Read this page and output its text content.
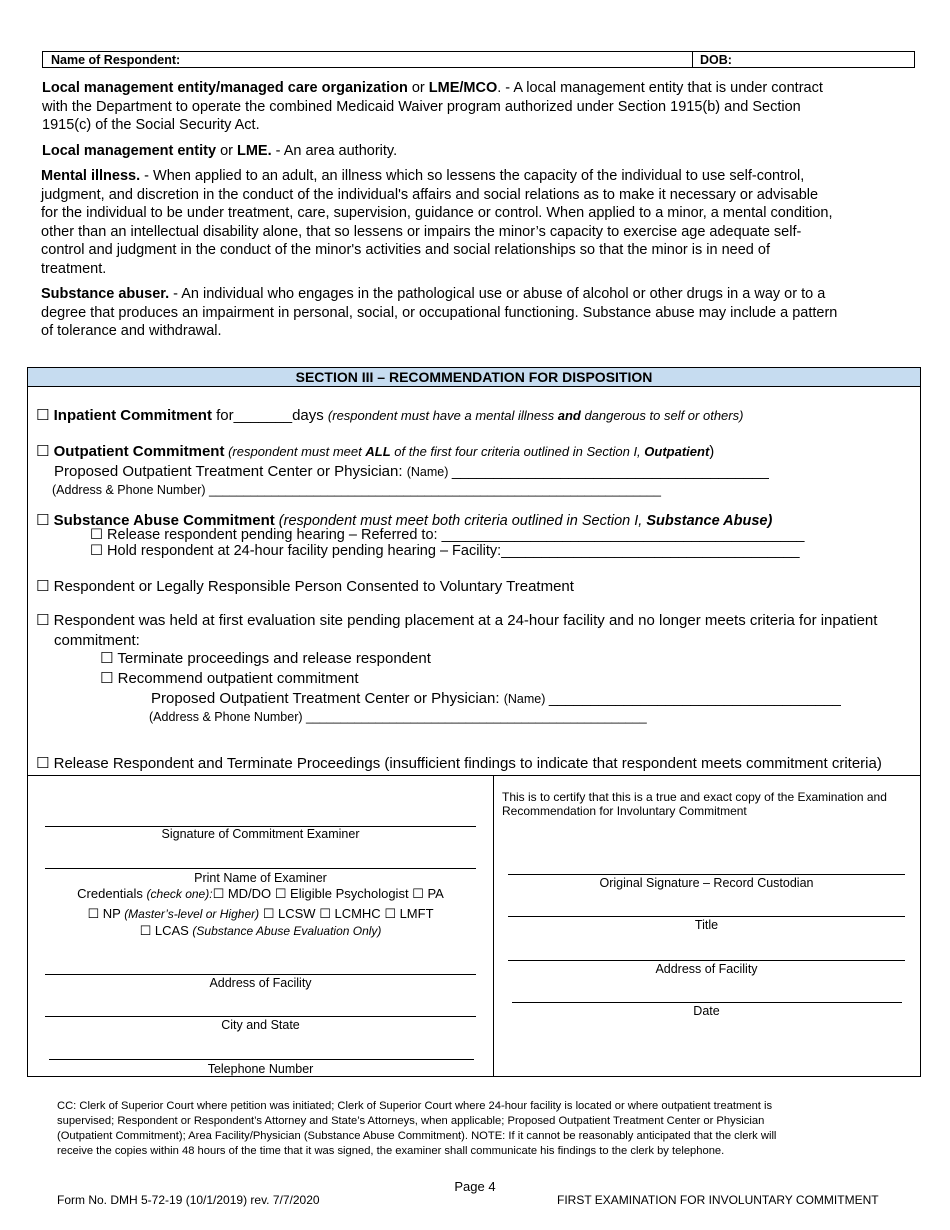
Name of Respondent:	DOB:
Local management entity/managed care organization or LME/MCO. - A local management entity that is under contract
with the Department to operate the combined Medicaid Waiver program authorized under Section 1915(b) and Section
1915(c) of the Social Security Act.
Local management entity or LME. - An area authority.
Mental illness. - When applied to an adult, an illness which so lessens the capacity of the individual to use self-control,
judgment, and discretion in the conduct of the individual's affairs and social relations as to make it necessary or advisable
for the individual to be under treatment, care, supervision, guidance or control. When applied to a minor, a mental condition,
other than an intellectual disability alone, that so lessens or impairs the minor’s capacity to exercise age adequate self-
control and judgment in the conduct of the minor's activities and social relationships so that the minor is in need of
treatment.
Substance abuser. - An individual who engages in the pathological use or abuse of alcohol or other drugs in a way or to a
degree that produces an impairment in personal, social, or occupational functioning. Substance abuse may include a pattern
of tolerance and withdrawal.
SECTION III – RECOMMENDATION FOR DISPOSITION
☐ Inpatient Commitment for_______days (respondent must have a mental illness and dangerous to self or others)
☐ Outpatient Commitment (respondent must meet ALL of the first four criteria outlined in Section I, Outpatient)
Proposed Outpatient Treatment Center or Physician: (Name) ______________________________________
(Address & Phone Number) _________________________________________________________________
☐ Substance Abuse Commitment (respondent must meet both criteria outlined in Section I, Substance Abuse)
☐ Release respondent pending hearing – Referred to: _____________________________________________
☐ Hold respondent at 24-hour facility pending hearing – Facility:_____________________________________
☐ Respondent or Legally Responsible Person Consented to Voluntary Treatment
☐ Respondent was held at first evaluation site pending placement at a 24-hour facility and no longer meets criteria for inpatient
commitment:
☐ Terminate proceedings and release respondent
☐ Recommend outpatient commitment
Proposed Outpatient Treatment Center or Physician: (Name) ___________________________________
(Address & Phone Number) _________________________________________________
☐ Release Respondent and Terminate Proceedings (insufficient findings to indicate that respondent meets commitment criteria)
Signature of Commitment Examiner
Print Name of Examiner
Credentials (check one):☐ MD/DO ☐ Eligible Psychologist ☐ PA
☐ NP (Master’s-level or Higher) ☐ LCSW ☐ LCMHC ☐ LMFT
☐ LCAS (Substance Abuse Evaluation Only)
Address of Facility
City and State
Telephone Number
This is to certify that this is a true and exact copy of the Examination and
Recommendation for Involuntary Commitment
Original Signature – Record Custodian
Title
Address of Facility
Date
CC: Clerk of Superior Court where petition was initiated; Clerk of Superior Court where 24-hour facility is located or where outpatient treatment is
supervised; Respondent or Respondent’s Attorney and State’s Attorneys, when applicable; Proposed Outpatient Treatment Center or Physician
(Outpatient Commitment); Area Facility/Physician (Substance Abuse Commitment). NOTE: If it cannot be reasonably anticipated that the clerk will
receive the copies within 48 hours of the time that it was signed, the examiner shall communicate his findings to the clerk by telephone.
Page 4
Form No. DMH 5-72-19 (10/1/2019) rev. 7/7/2020	FIRST EXAMINATION FOR INVOLUNTARY COMMITMENT
